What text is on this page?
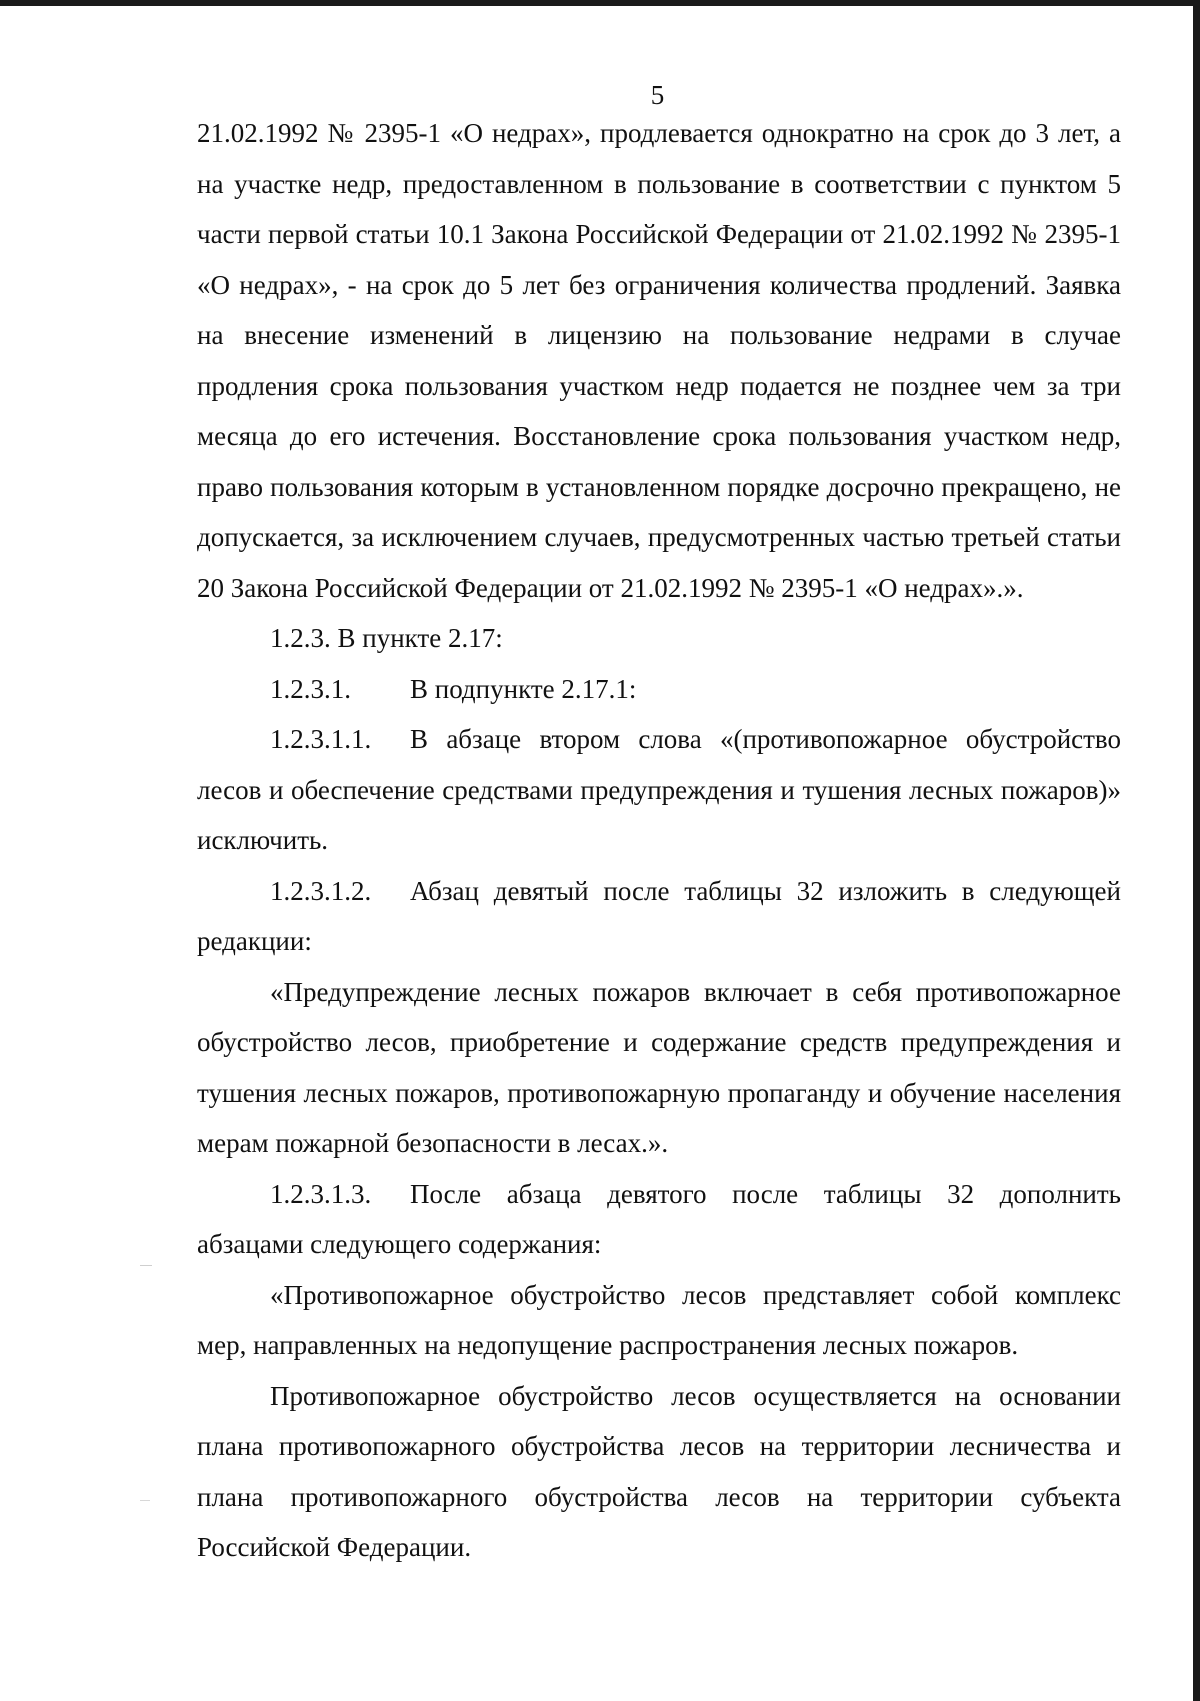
5

21.02.1992 № 2395-1 «О недрах», продлевается однократно на срок до 3 лет, а на участке недр, предоставленном в пользование в соответствии с пунктом 5 части первой статьи 10.1 Закона Российской Федерации от 21.02.1992 № 2395-1 «О недрах», - на срок до 5 лет без ограничения количества продлений. Заявка на внесение изменений в лицензию на пользование недрами в случае продления срока пользования участком недр подается не позднее чем за три месяца до его истечения. Восстановление срока пользования участком недр, право пользования которым в установленном порядке досрочно прекращено, не допускается, за исключением случаев, предусмотренных частью третьей статьи 20 Закона Российской Федерации от 21.02.1992 № 2395-1 «О недрах».».

1.2.3. В пункте 2.17:

1.2.3.1.	В подпункте 2.17.1:
1.2.3.1.1.	В абзаце втором слова «(противопожарное обустройство

лесов и обеспечение средствами предупреждения и тушения лесных пожаров)» исключить.

1.2.3.1.2.	Абзац девятый после таблицы 32 изложить в следующей

редакции:

«Предупреждение лесных пожаров включает в себя противопожарное обустройство лесов, приобретение и содержание средств предупреждения и тушения лесных пожаров, противопожарную пропаганду и обучение населения мерам пожарной безопасности в лесах.».

1.2.3.1.3.	После абзаца девятого после таблицы 32 дополнить

абзацами следующего содержания:

«Противопожарное обустройство лесов представляет собой комплекс мер, направленных на недопущение распространения лесных пожаров.

Противопожарное обустройство лесов осуществляется на основании плана противопожарного обустройства лесов на территории лесничества и плана противопожарного обустройства лесов на территории субъекта Российской Федерации.
